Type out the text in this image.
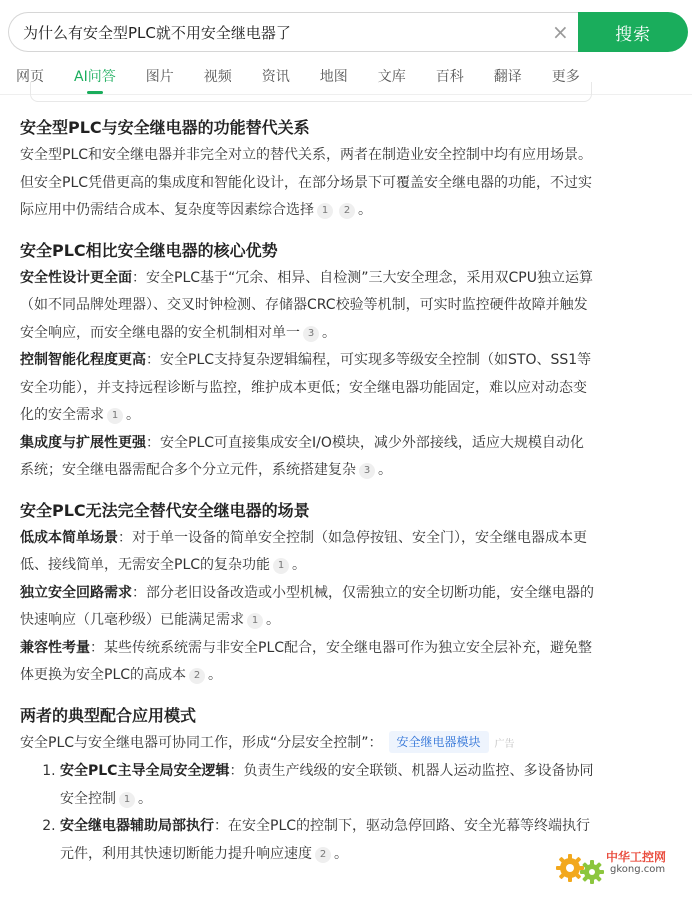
为什么有安全型PLC就不用安全继电器了	×	搜索
网页	AI问答	图片	视频	资讯	地图	文库	百科	翻译	更多
安全型PLC与安全继电器的功能替代关系
安全型PLC和安全继电器并非完全对立的替代关系，两者在制造业安全控制中均有应用场景。但安全PLC凭借更高的集成度和智能化设计，在部分场景下可覆盖安全继电器的功能，不过实际应用中仍需结合成本、复杂度等因素综合选择 1 2 。
安全PLC相比安全继电器的核心优势
安全性设计更全面：安全PLC基于“冗余、相异、自检测”三大安全理念，采用双CPU独立运算（如不同品牌处理器）、交叉时钟检测、存储器CRC校验等机制，可实时监控硬件故障并触发安全响应，而安全继电器的安全机制相对单一 3 。
控制智能化程度更高：安全PLC支持复杂逻辑编程，可实现多等级安全控制（如STO、SS1等安全功能），并支持远程诊断与监控，维护成本更低；安全继电器功能固定，难以应对动态变化的安全需求 1 。
集成度与扩展性更强：安全PLC可直接集成安全I/O模块，减少外部接线，适应大规模自动化系统；安全继电器需配合多个分立元件，系统搭建复杂 3 。
安全PLC无法完全替代安全继电器的场景
低成本简单场景：对于单一设备的简单安全控制（如急停按钮、安全门），安全继电器成本更低、接线简单，无需安全PLC的复杂功能 1 。
独立安全回路需求：部分老旧设备改造或小型机械，仅需独立的安全切断功能，安全继电器的快速响应（几毫秒级）已能满足需求 1 。
兼容性考量：某些传统系统需与非安全PLC配合，安全继电器可作为独立安全层补充，避免整体更换为安全PLC的高成本 2 。
两者的典型配合应用模式
安全PLC与安全继电器可协同工作，形成“分层安全控制”： 安全继电器模块 广告
1. 安全PLC主导全局安全逻辑：负责生产线级的安全联锁、机器人运动监控、多设备协同安全控制 1 。
2. 安全继电器辅助局部执行：在安全PLC的控制下，驱动急停回路、安全光幕等终端执行元件，利用其快速切断能力提升响应速度 2 。	中华工控网
gkong.com
